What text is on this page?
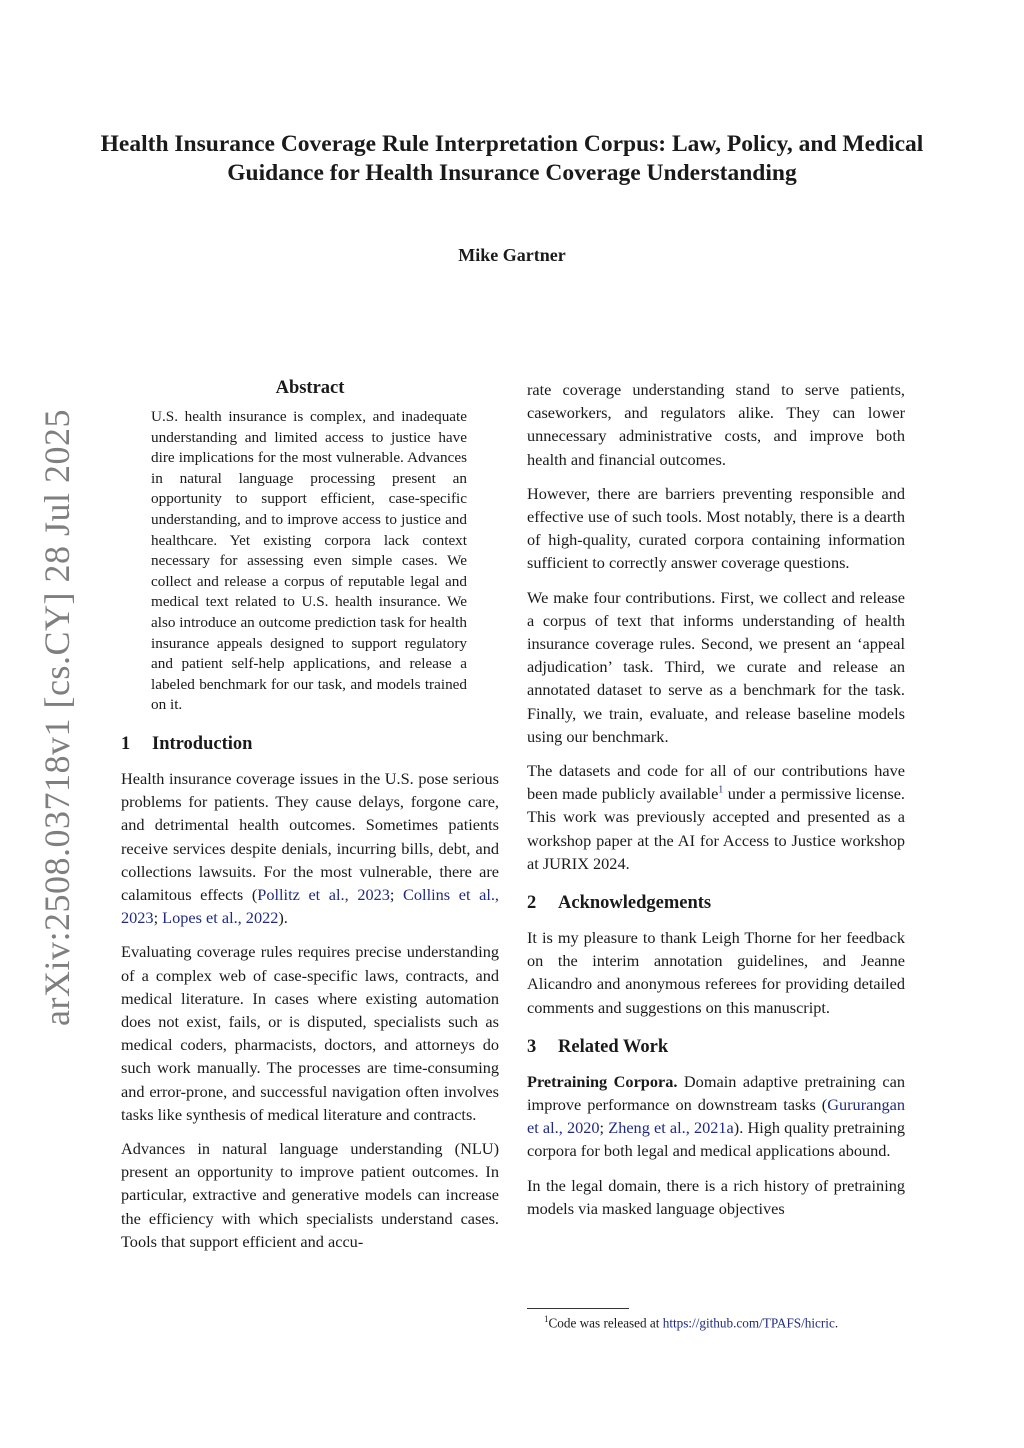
arXiv:2508.03718v1 [cs.CY] 28 Jul 2025
Health Insurance Coverage Rule Interpretation Corpus: Law, Policy, and Medical Guidance for Health Insurance Coverage Understanding
Mike Gartner
Abstract

U.S. health insurance is complex, and inadequate understanding and limited access to justice have dire implications for the most vulnerable. Advances in natural language processing present an opportunity to support efficient, case-specific understanding, and to improve access to justice and healthcare. Yet existing corpora lack context necessary for assessing even simple cases. We collect and release a corpus of reputable legal and medical text related to U.S. health insurance. We also introduce an outcome prediction task for health insurance appeals designed to support regulatory and patient self-help applications, and release a labeled benchmark for our task, and models trained on it.

1 Introduction

Health insurance coverage issues in the U.S. pose serious problems for patients. They cause delays, forgone care, and detrimental health outcomes. Sometimes patients receive services despite denials, incurring bills, debt, and collections lawsuits. For the most vulnerable, there are calamitous effects (Pollitz et al., 2023; Collins et al., 2023; Lopes et al., 2022).

Evaluating coverage rules requires precise understanding of a complex web of case-specific laws, contracts, and medical literature. In cases where existing automation does not exist, fails, or is disputed, specialists such as medical coders, pharmacists, doctors, and attorneys do such work manually. The processes are time-consuming and error-prone, and successful navigation often involves tasks like synthesis of medical literature and contracts.

Advances in natural language understanding (NLU) present an opportunity to improve patient outcomes. In particular, extractive and generative models can increase the efficiency with which specialists understand cases. Tools that support efficient and accu-

rate coverage understanding stand to serve patients, caseworkers, and regulators alike. They can lower unnecessary administrative costs, and improve both health and financial outcomes.

However, there are barriers preventing responsible and effective use of such tools. Most notably, there is a dearth of high-quality, curated corpora containing information sufficient to correctly answer coverage questions.

We make four contributions. First, we collect and release a corpus of text that informs understanding of health insurance coverage rules. Second, we present an ‘appeal adjudication’ task. Third, we curate and release an annotated dataset to serve as a benchmark for the task. Finally, we train, evaluate, and release baseline models using our benchmark.

The datasets and code for all of our contributions have been made publicly available$^1$ under a permissive license. This work was previously accepted and presented as a workshop paper at the AI for Access to Justice workshop at JURIX 2024.

2 Acknowledgements

It is my pleasure to thank Leigh Thorne for her feedback on the interim annotation guidelines, and Jeanne Alicandro and anonymous referees for providing detailed comments and suggestions on this manuscript.

3 Related Work

Pretraining Corpora. Domain adaptive pretraining can improve performance on downstream tasks (Gururangan et al., 2020; Zheng et al., 2021a). High quality pretraining corpora for both legal and medical applications abound.

In the legal domain, there is a rich history of pretraining models via masked language objectives

$^1$Code was released at https://github.com/TPAFS/hicric.
